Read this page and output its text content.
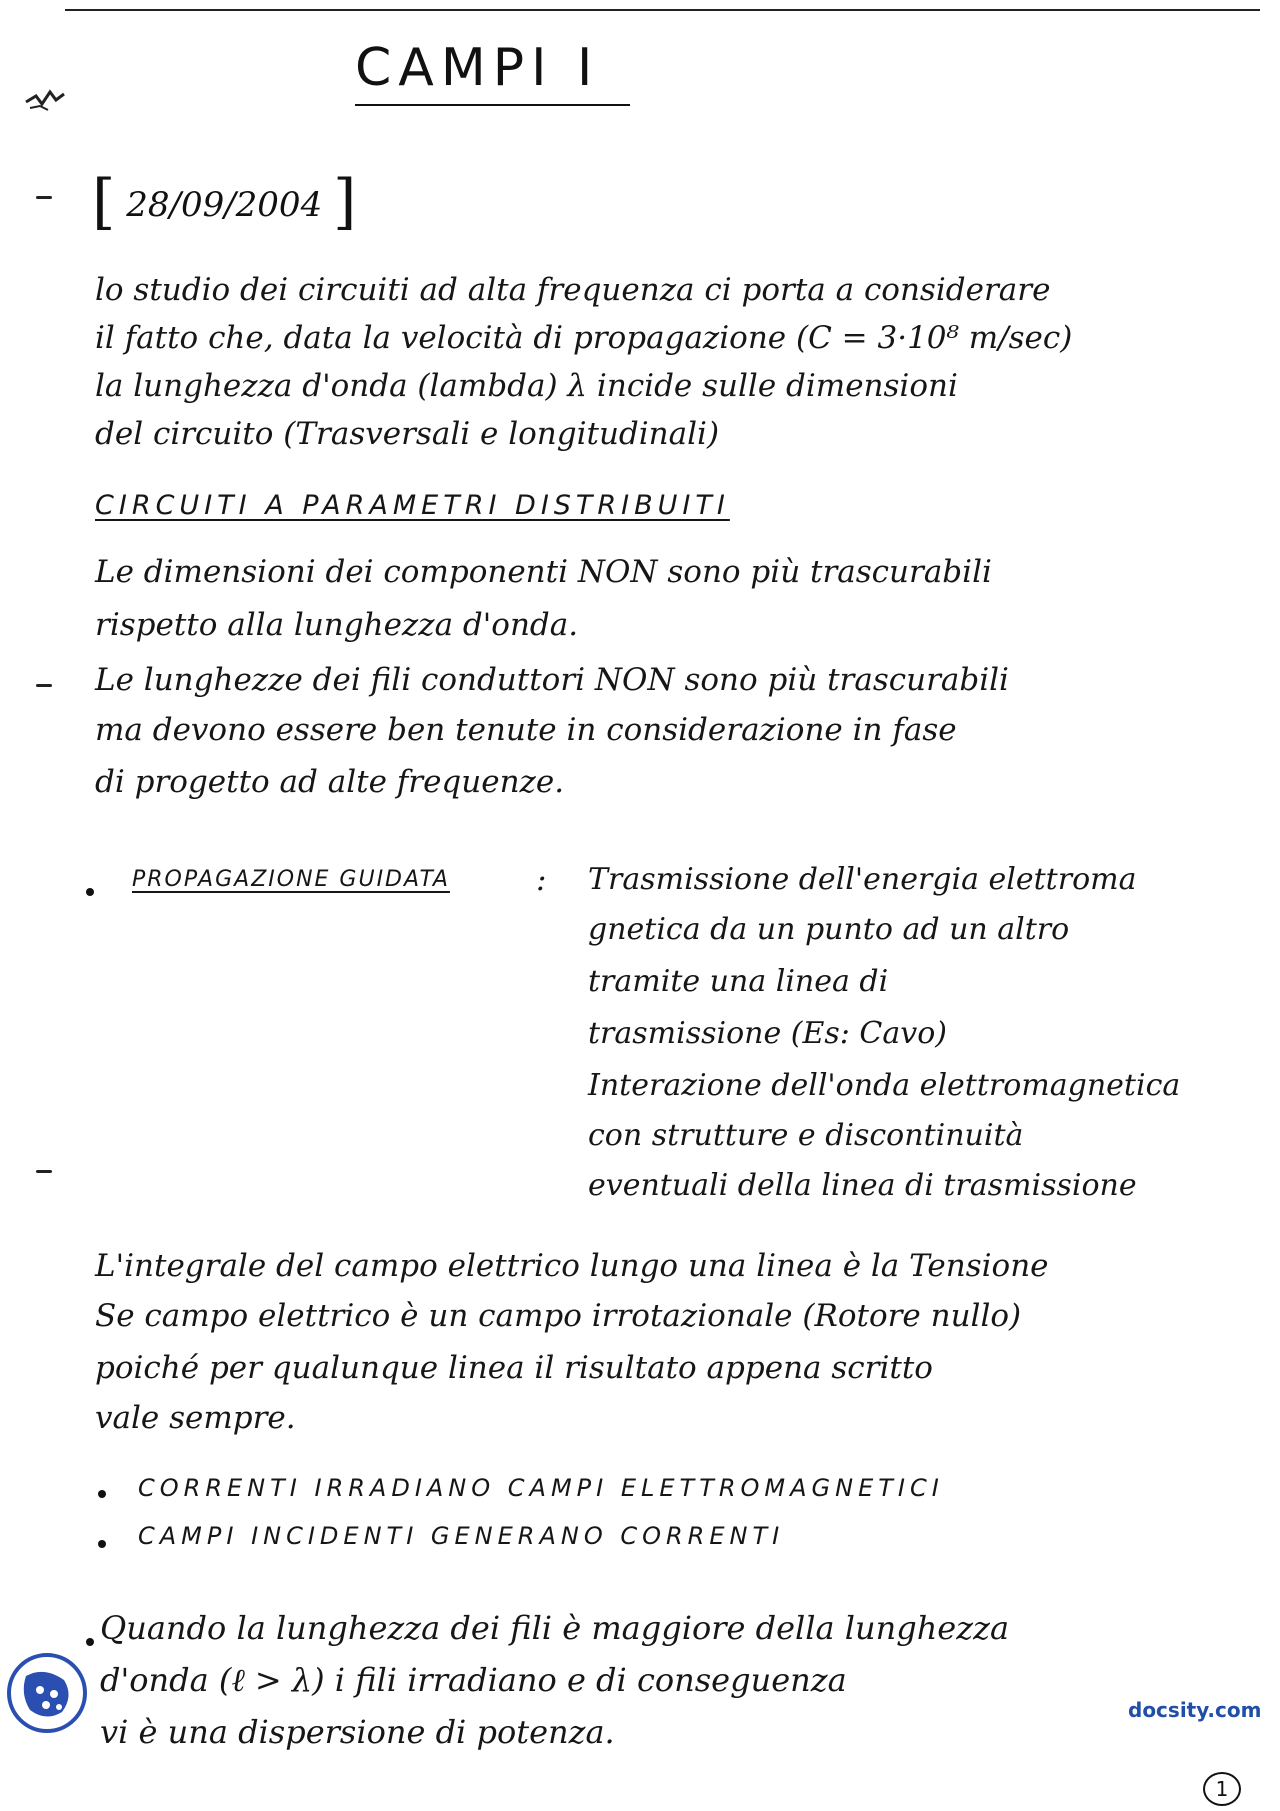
CAMPI I
[ 28/09/2004 ]
lo studio dei circuiti ad alta frequenza ci porta a considerare
il fatto che, data la velocità di propagazione (C = 3·10⁸ m/sec)
la lunghezza d'onda (lambda) λ incide sulle dimensioni
del circuito (Trasversali e longitudinali)
CIRCUITI A PARAMETRI DISTRIBUITI
Le dimensioni dei componenti NON sono più trascurabili
rispetto alla lunghezza d'onda.
Le lunghezze dei fili conduttori NON sono più trascurabili
ma devono essere ben tenute in considerazione in fase
di progetto ad alte frequenze.
PROPAGAZIONE GUIDATA	: Trasmissione dell'energia elettroma
gnetica da un punto ad un altro
tramite una linea di
trasmissione (Es: Cavo)
Interazione dell'onda elettromagnetica
con strutture e discontinuità
eventuali della linea di trasmissione
L'integrale del campo elettrico lungo una linea è la Tensione
Se campo elettrico è un campo irrotazionale (Rotore nullo)
poiché per qualunque linea il risultato appena scritto
vale sempre.
CORRENTI IRRADIANO CAMPI ELETTROMAGNETICI
CAMPI INCIDENTI GENERANO CORRENTI
Quando la lunghezza dei fili è maggiore della lunghezza
d'onda (ℓ > λ) i fili irradiano e di conseguenza
vi è una dispersione di potenza.
docsity.com
1
